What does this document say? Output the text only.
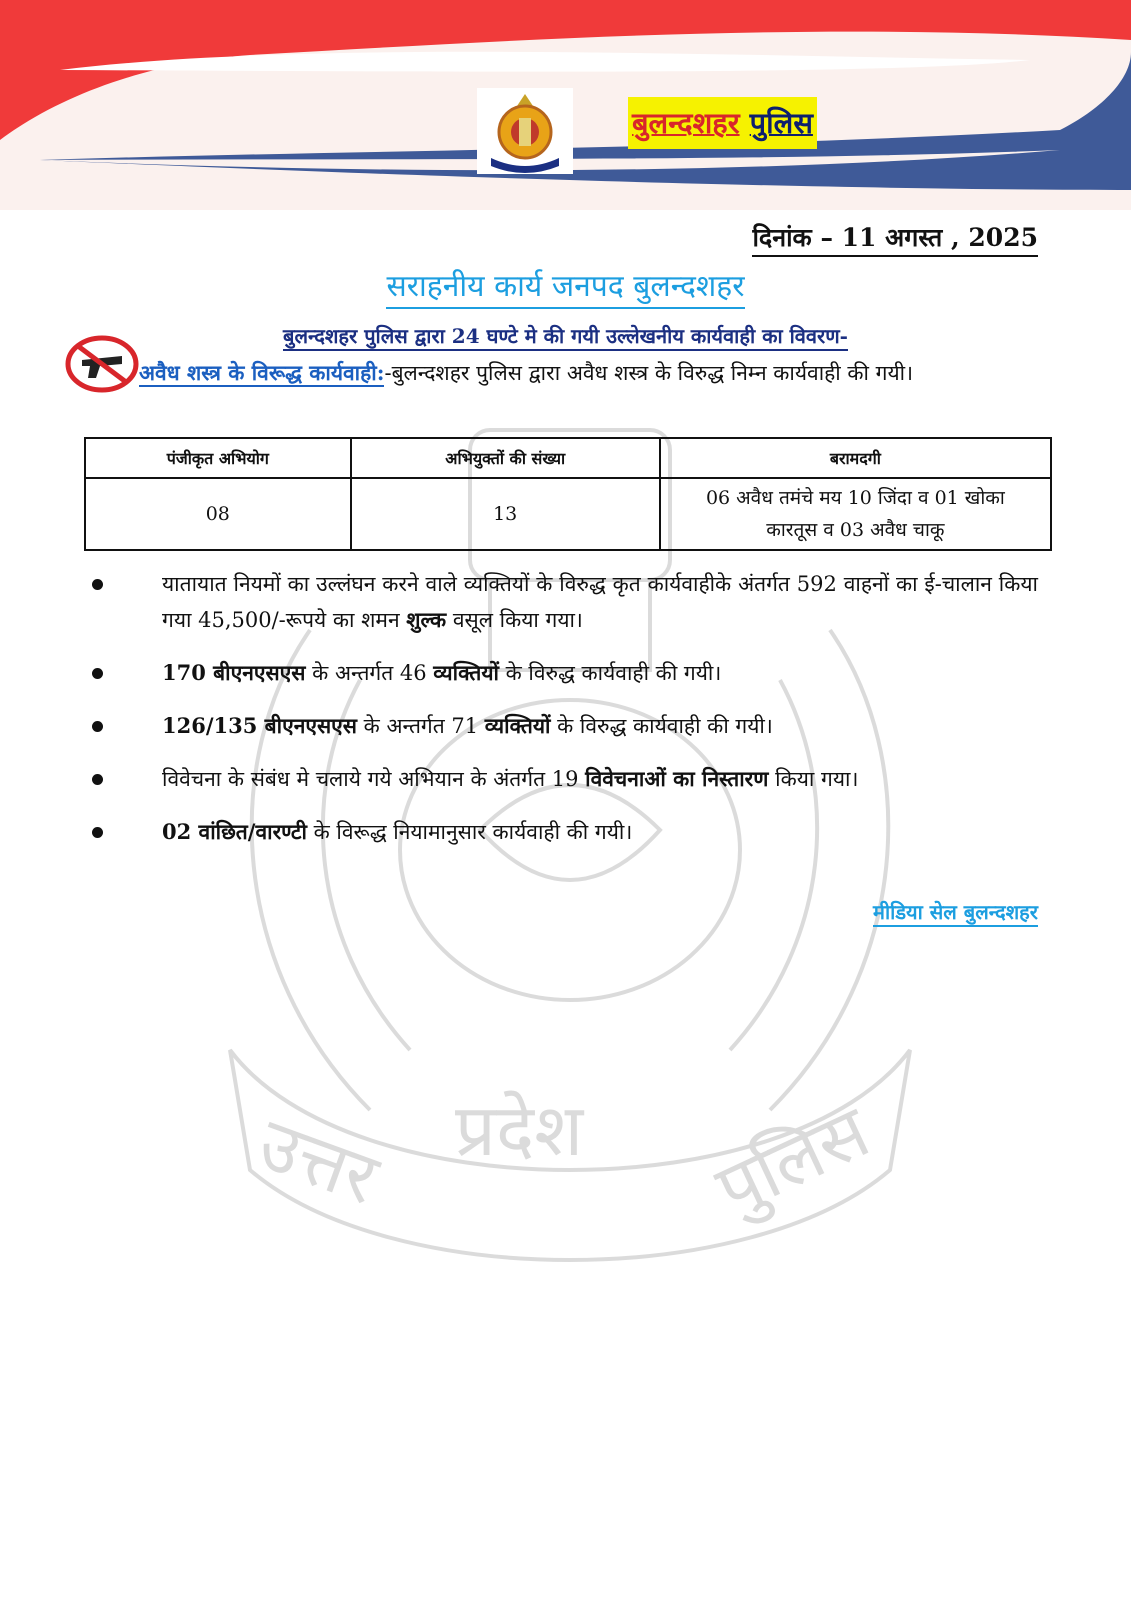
बुलन्दशहर पुलिस
उत्तर प्रदेश पुलिस
दिनांक – 11 अगस्त , 2025
सराहनीय कार्य जनपद बुलन्दशहर
बुलन्दशहर पुलिस द्वारा 24 घण्टे मे की गयी उल्लेखनीय कार्यवाही का विवरण-
अवैध शस्त्र के विरूद्ध कार्यवाही:-बुलन्दशहर पुलिस द्वारा अवैध शस्त्र के विरुद्ध निम्न कार्यवाही की गयी।
पंजीकृत अभियोग	अभियुक्तों की संख्या	बरामदगी
08	13	06 अवैध तमंचे मय 10 जिंदा व 01 खोका कारतूस व 03 अवैध चाकू
यातायात नियमों का उल्लंघन करने वाले व्यक्तियों के विरुद्ध कृत कार्यवाहीके अंतर्गत 592 वाहनों का ई-चालान किया गया 45,500/-रूपये का शमन शुल्क वसूल किया गया।
170 बीएनएसएस के अन्तर्गत 46 व्यक्तियों के विरुद्ध कार्यवाही की गयी।
126/135 बीएनएसएस के अन्तर्गत 71 व्यक्तियों के विरुद्ध कार्यवाही की गयी।
विवेचना के संबंध मे चलाये गये अभियान के अंतर्गत 19 विवेचनाओं का निस्तारण किया गया।
02 वांछित/वारण्टी के विरूद्ध नियामानुसार कार्यवाही की गयी।
मीडिया सेल बुलन्दशहर
